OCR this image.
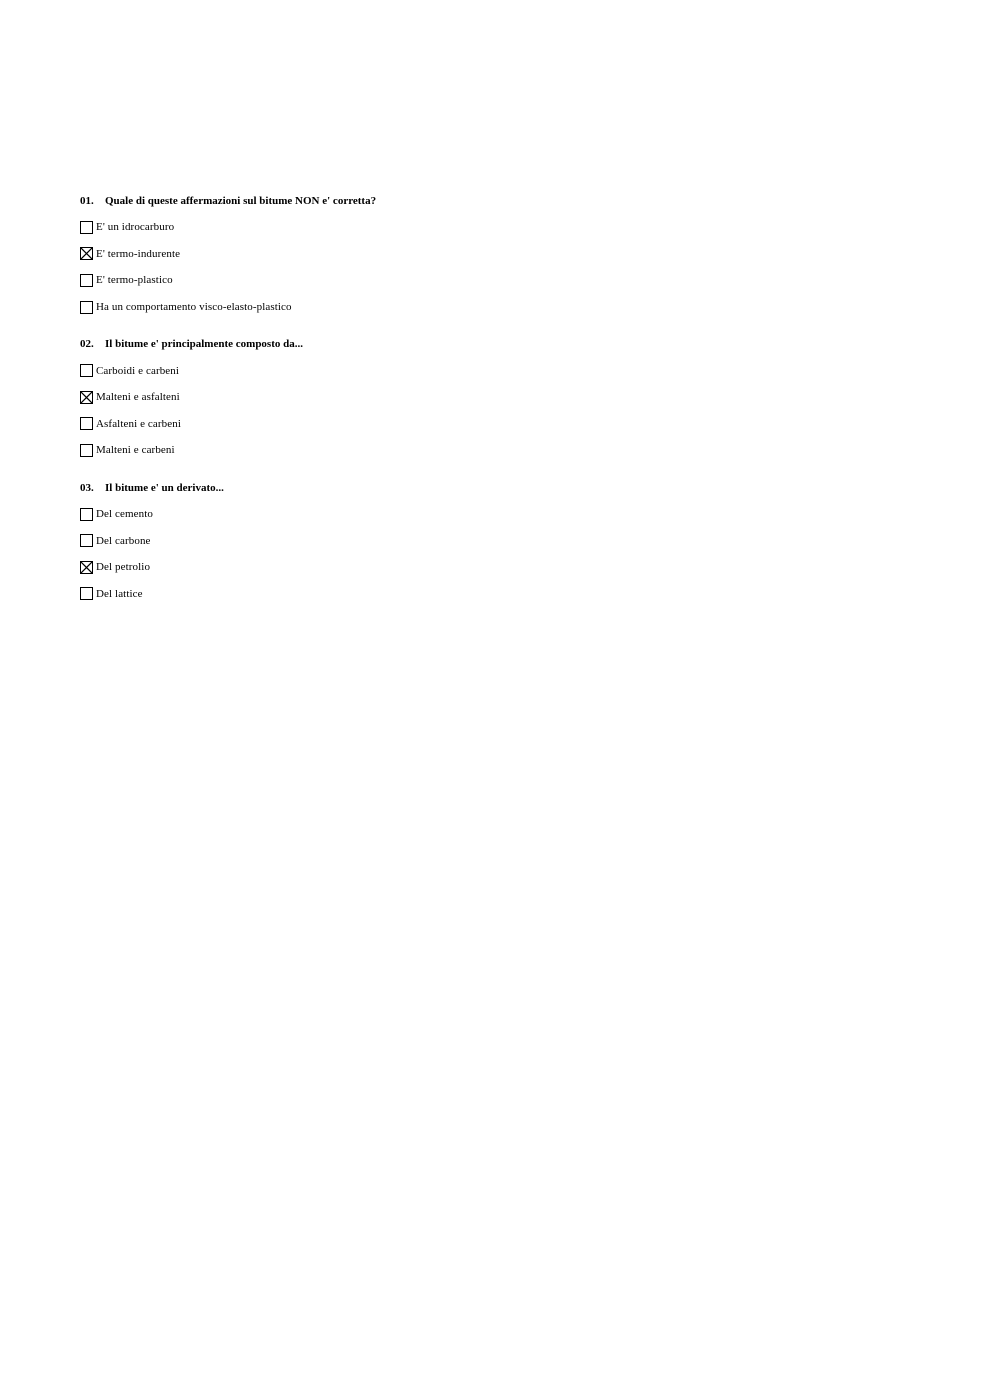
01. Quale di queste affermazioni sul bitume NON e' corretta?
E' un idrocarburo
E' termo-indurente
E' termo-plastico
Ha un comportamento visco-elasto-plastico
02. Il bitume e' principalmente composto da...
Carboidi e carbeni
Malteni e asfalteni
Asfalteni e carbeni
Malteni e carbeni
03. Il bitume e' un derivato...
Del cemento
Del carbone
Del petrolio
Del lattice
